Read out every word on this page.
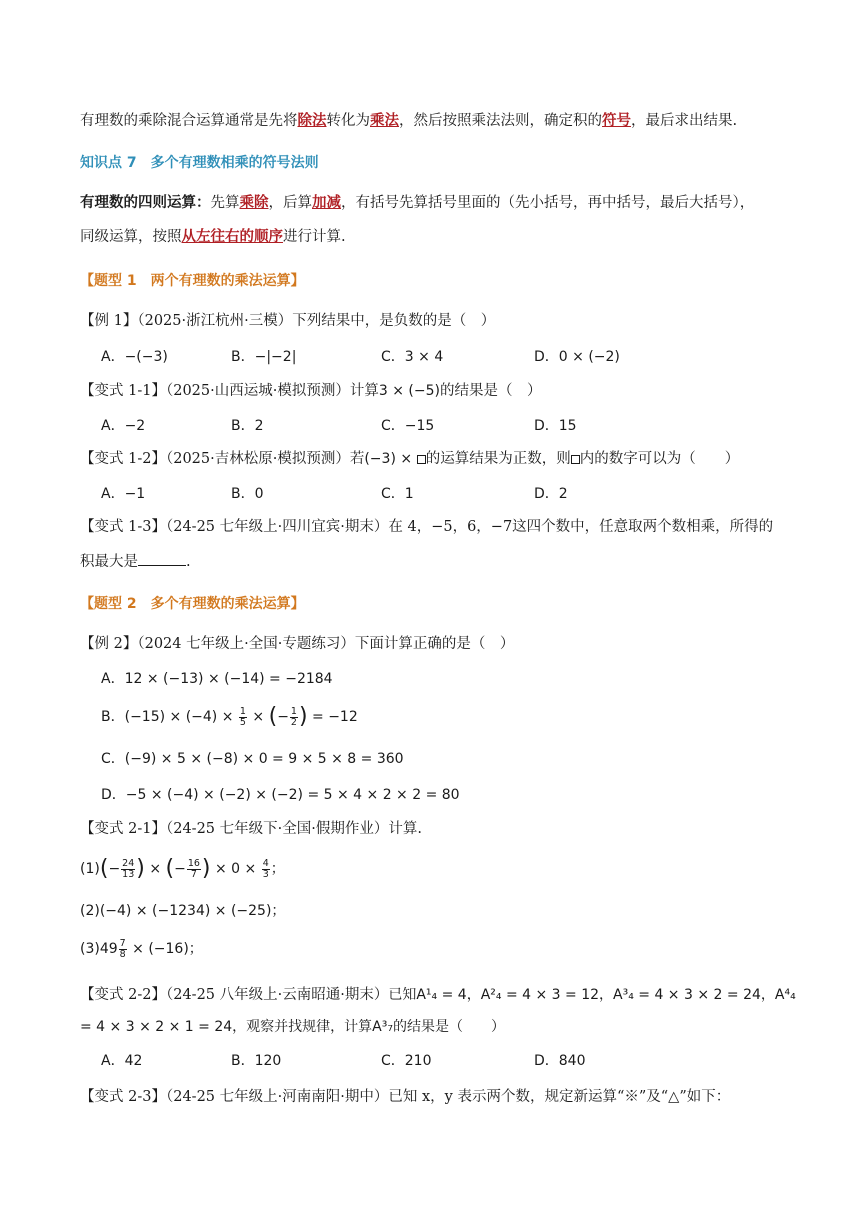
有理数的乘除混合运算通常是先将除法转化为乘法，然后按照乘法法则，确定积的符号，最后求出结果.
知识点 7　多个有理数相乘的符号法则
有理数的四则运算：先算乘除，后算加减，有括号先算括号里面的（先小括号，再中括号，最后大括号），
同级运算，按照从左往右的顺序进行计算.
【题型 1　两个有理数的乘法运算】
【例 1】（2025·浙江杭州·三模）下列结果中，是负数的是（　）
A．−(−3)	B．−|−2|	C．3 × 4	D．0 × (−2)
【变式 1-1】（2025·山西运城·模拟预测）计算3 × (−5)的结果是（　）
A．−2	B．2	C．−15	D．15
【变式 1-2】（2025·吉林松原·模拟预测）若(−3) × 的运算结果为正数，则 内的数字可以为（　　）
A．−1	B．0	C．1	D．2
【变式 1-3】（24-25 七年级上·四川宜宾·期末）在 4，−5，6，−7这四个数中，任意取两个数相乘，所得的
积最大是	.
【题型 2　多个有理数的乘法运算】
【例 2】（2024 七年级上·全国·专题练习）下面计算正确的是（　）
A．12 × (−13) × (−14) = −2184
B．$(-15) \times (-4) \times \frac{1}{5}$ × (− $\frac{1}{2}$ ) = −12
C．(−9) × 5 × (−8) × 0 = 9 × 5 × 8 = 360
D．−5 × (−4) × (−2) × (−2) = 5 × 4 × 2 × 2 = 80
【变式 2-1】（24-25 七年级下·全国·假期作业）计算.
$(1)(- \frac{24}{13}$ ) × (− $\frac{16}{7}$ ) × $0 \times \frac{4}{3}$ ；
(2)(−4) × (−1234) × (−25)；
$(3)49 \frac{7}{8} \times (-16)$；
【变式 2-2】（24-25 八年级上·云南昭通·期末）已知A¹₄ = 4，A²₄ = 4 × 3 = 12，A³₄ = 4 × 3 × 2 = 24，A⁴₄
= 4 × 3 × 2 × 1 = 24，观察并找规律，计算A³₇的结果是（　　）
A．42	B．120	C．210	D．840
【变式 2-3】（24-25 七年级上·河南南阳·期中）已知 x，y 表示两个数，规定新运算“※”及“△”如下：
